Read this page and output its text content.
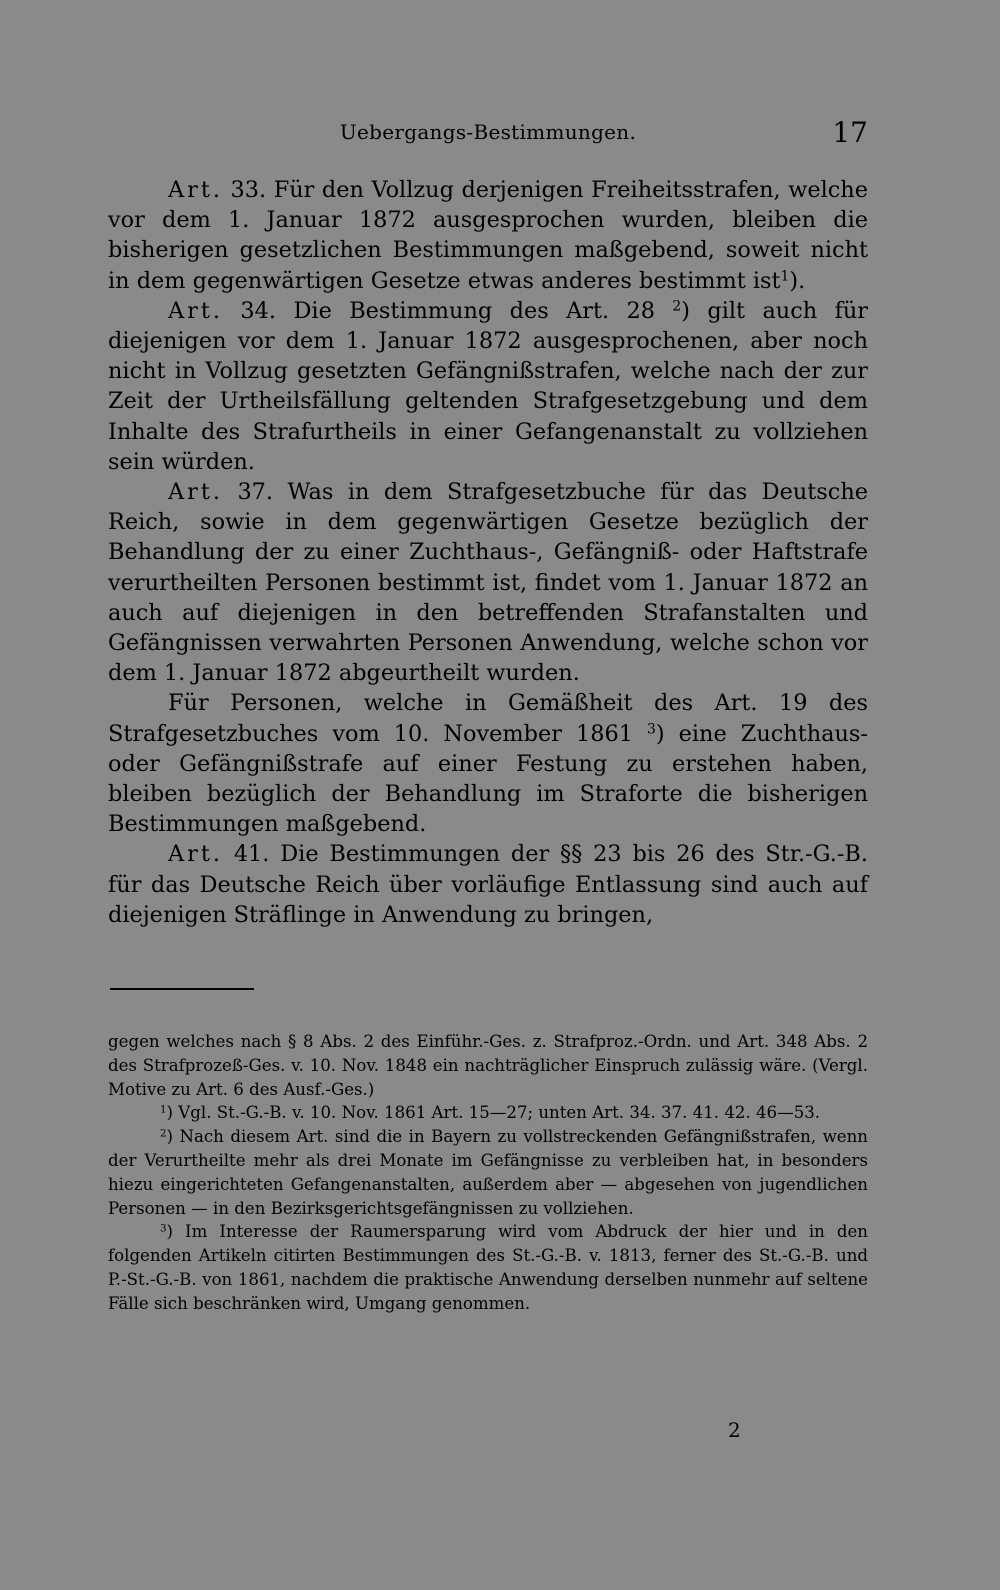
Uebergangs-Bestimmungen.	17

Art. 33. Für den Vollzug derjenigen Freiheitsstrafen, welche vor dem 1. Januar 1872 ausgesprochen wurden, bleiben die bisherigen gesetzlichen Bestimmungen maßgebend, soweit nicht in dem gegenwärtigen Gesetze etwas anderes bestimmt ist$^1$).

Art. 34. Die Bestimmung des Art. 28 $^2$) gilt auch für diejenigen vor dem 1. Januar 1872 ausgesprochenen, aber noch nicht in Vollzug gesetzten Gefängnißstrafen, welche nach der zur Zeit der Urtheilsfällung geltenden Strafgesetzgebung und dem Inhalte des Strafurtheils in einer Gefangenanstalt zu vollziehen sein würden.

Art. 37. Was in dem Strafgesetzbuche für das Deutsche Reich, sowie in dem gegenwärtigen Gesetze bezüglich der Behandlung der zu einer Zuchthaus-, Gefängniß- oder Haftstrafe verurtheilten Personen bestimmt ist, findet vom 1. Januar 1872 an auch auf diejenigen in den betreffenden Strafanstalten und Gefängnissen verwahrten Personen Anwendung, welche schon vor dem 1. Januar 1872 abgeurtheilt wurden.

Für Personen, welche in Gemäßheit des Art. 19 des Strafgesetzbuches vom 10. November 1861 $^3$) eine Zuchthaus- oder Gefängnißstrafe auf einer Festung zu erstehen haben, bleiben bezüglich der Behandlung im Straforte die bisherigen Bestimmungen maßgebend.

Art. 41. Die Bestimmungen der §§ 23 bis 26 des Str.-G.-B. für das Deutsche Reich über vorläufige Entlassung sind auch auf diejenigen Sträflinge in Anwendung zu bringen,

gegen welches nach § 8 Abs. 2 des Einführ.-Ges. z. Strafproz.-Ordn. und Art. 348 Abs. 2 des Strafprozeß-Ges. v. 10. Nov. 1848 ein nachträglicher Einspruch zulässig wäre. (Vergl. Motive zu Art. 6 des Ausf.-Ges.)

$^1$) Vgl. St.-G.-B. v. 10. Nov. 1861 Art. 15—27; unten Art. 34. 37. 41. 42. 46—53.

$^2$) Nach diesem Art. sind die in Bayern zu vollstreckenden Gefängnißstrafen, wenn der Verurtheilte mehr als drei Monate im Gefängnisse zu verbleiben hat, in besonders hiezu eingerichteten Gefangenanstalten, außerdem aber — abgesehen von jugendlichen Personen — in den Bezirksgerichtsgefängnissen zu vollziehen.

$^3$) Im Interesse der Raumersparung wird vom Abdruck der hier und in den folgenden Artikeln citirten Bestimmungen des St.-G.-B. v. 1813, ferner des St.-G.-B. und P.-St.-G.-B. von 1861, nachdem die praktische Anwendung derselben nunmehr auf seltene Fälle sich beschränken wird, Umgang genommen.

2
